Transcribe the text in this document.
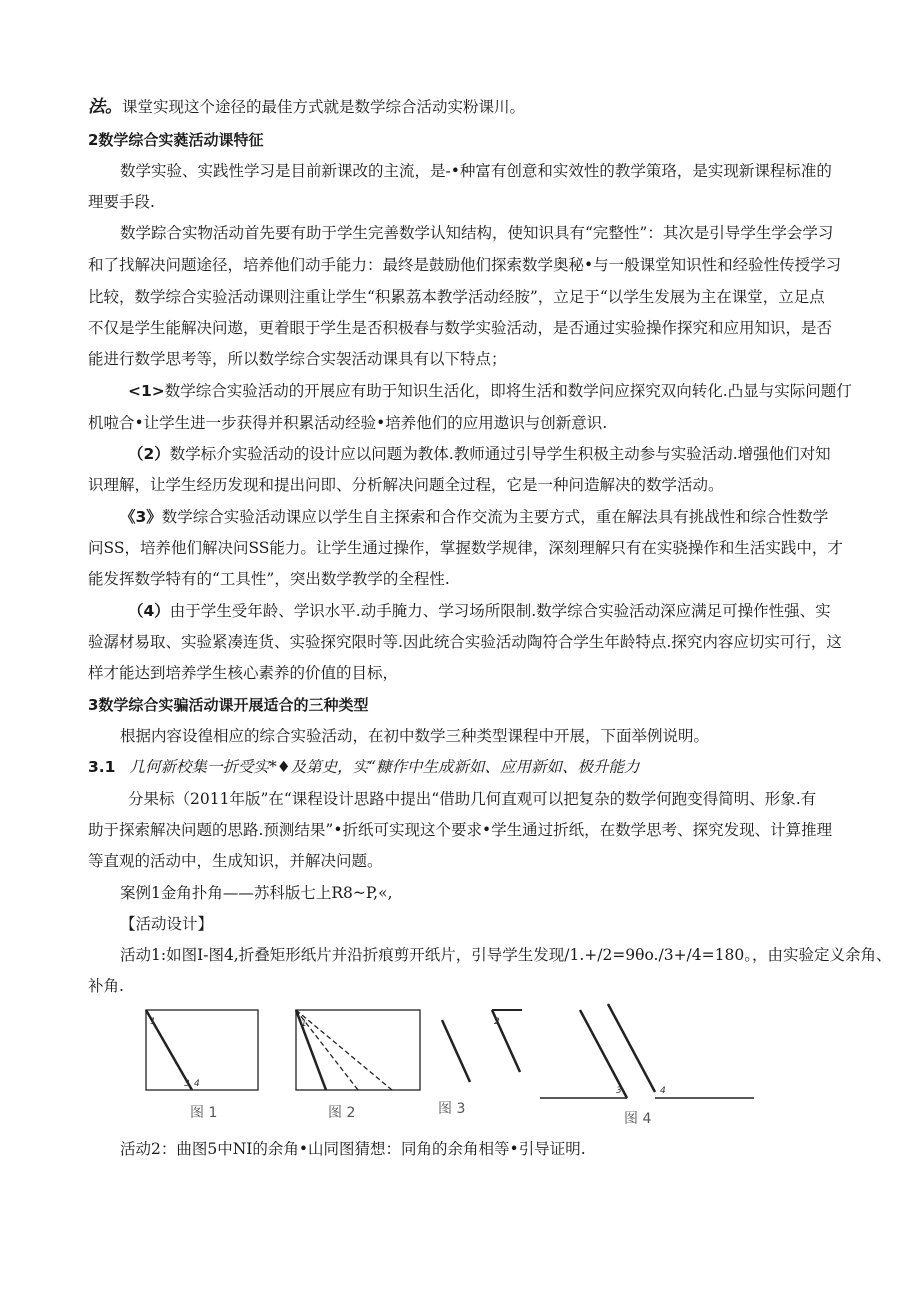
法。课堂实现这个途径的最佳方式就是数学综合活动实粉课川。
2数学综合实蕤活动课特征
数学实验、实践性学习是目前新课改的主流，是-•种富有创意和实效性的教学策珞，是实现新课程标准的
理要手段.
数学踪合实物活动首先要有助于学生完善数学认知结构，使知识具有“完整性”：其次是引导学生学会学习
和了找解决问题途径，培养他们动手能力：最终是鼓励他们探索数学奥秘•与一般课堂知识性和经验性传授学习
比较，数学综合实验活动课则注重让学生“积累荔本教学活动经胺”，立足于“以学生发展为主在课堂，立足点
不仅是学生能解决问遨，更着眼于学生是否积极春与数学实验活动，是否通过实验操作探究和应用知识，是否
能进行数学思考等，所以数学综合实袈活动课具有以下特点；
<1>数学综合实验活动的开展应有助于知识生活化，即将生活和数学问应探究双向转化.凸显与实际问题仃
机啦合•让学生进一步获得并积累活动经验•培养他们的应用遨识与创新意识.
（2）数学标介实验活动的设计应以问题为教体.教师通过引导学生积极主动参与实验活动.增强他们对知
识理解，让学生经历发现和提出问即、分析解决问题全过程，它是一种问造解决的数学活动。
《3》数学综合实验活动课应以学生自主探索和合作交流为主要方式，重在解法具有挑战性和综合性数学
问SS，培养他们解决问SS能力。让学生通过操作，掌握数学规律，深刻理解只有在实骁操作和生活实践中，才
能发挥数学特有的“工具性”，突出数学教学的全程性.
（4）由于学生受年龄、学识水平.动手腌力、学习场所限制.数学综合实验活动深应满足可操作性强、实
验潺材易取、实验紧凑连货、实验探究限时等.因此统合实验活动陶符合学生年龄特点.探究内容应切实可行，这
样才能达到培养学生核心素养的价值的目标，
3数学综合实骗活动课开展适合的三种类型
根据内容设徨相应的综合实验活动，在初中数学三种类型课程中开展，下面举例说明。
3.1 几何新校集一折受实*♦及第史，实“糠作中生成新如、应用新如、极升能力
分果标（2011年版”在“课程设计思路中提出“借助几何直观可以把复杂的数学何跑变得简明、形象.有
助于探索解决问题的思路.预测结果”•折纸可实现这个要求•学生通过折纸，在数学思考、探究发现、计算推理
等直观的活动中，生成知识，并解决问题。
案例1金角扑角——苏科版七上R8~P,«,
【活动设计】
活动1:如图I-图4,折叠矩形纸片并沿折痕剪开纸片，引导学生发现/1.+/2=9θo./3+/4=180。，由实验定义余角、
补角.
1
3 4
1	2
3	4
图 1	图 2	图 3
图 4
活动2：曲图5中NI的余角•山同图猜想：同角的余角相等•引导证明.
